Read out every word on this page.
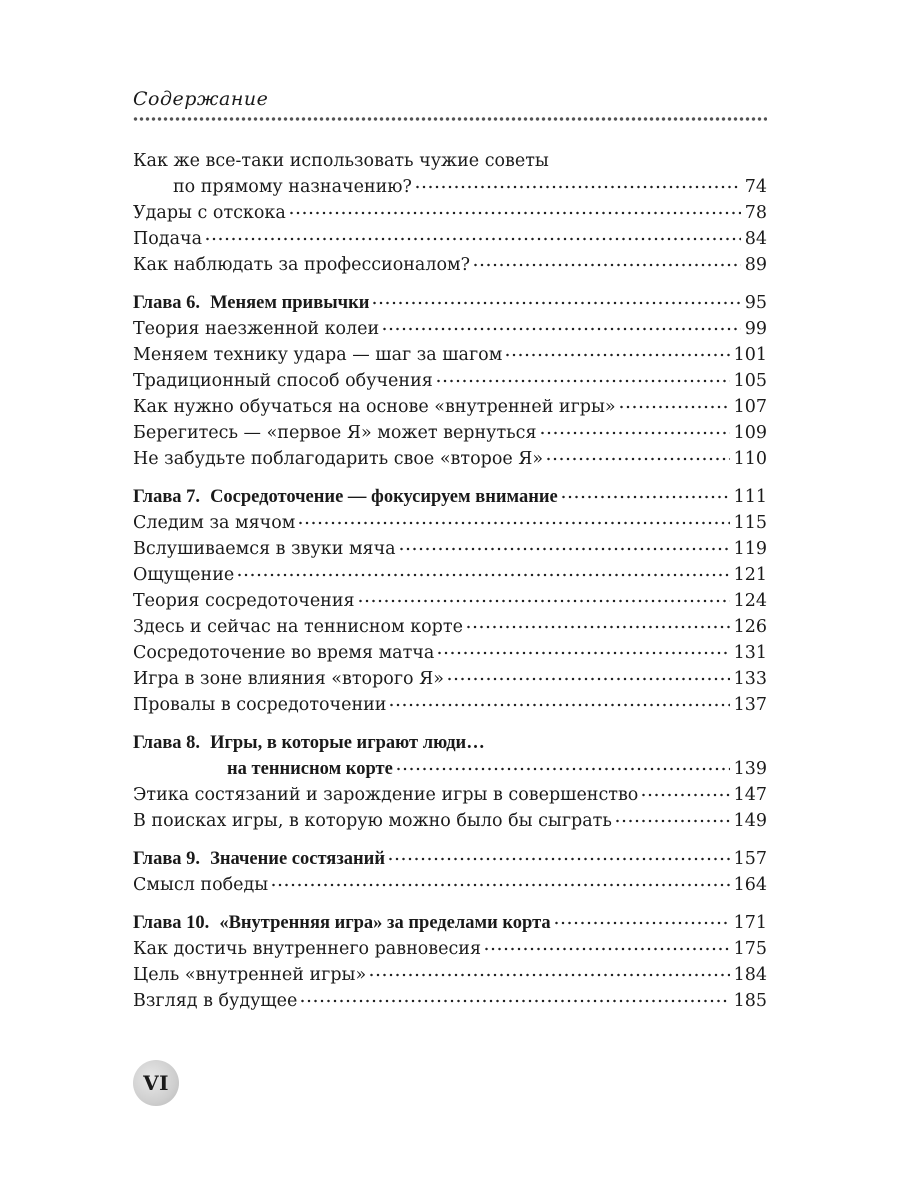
Содержание
Как же все-таки использовать чужие советы
по прямому назначению?	74
Удары с отскока	78
Подача	84
Как наблюдать за профессионалом?	89
Глава 6. Меняем привычки	95
Теория наезженной колеи	99
Меняем технику удара — шаг за шагом	101
Традиционный способ обучения	105
Как нужно обучаться на основе «внутренней игры»	107
Берегитесь — «первое Я» может вернуться	109
Не забудьте поблагодарить свое «второе Я»	110
Глава 7. Сосредоточение — фокусируем внимание	111
Следим за мячом	115
Вслушиваемся в звуки мяча	119
Ощущение	121
Теория сосредоточения	124
Здесь и сейчас на теннисном корте	126
Сосредоточение во время матча	131
Игра в зоне влияния «второго Я»	133
Провалы в сосредоточении	137
Глава 8. Игры, в которые играют люди…
на теннисном корте	139
Этика состязаний и зарождение игры в совершенство	147
В поисках игры, в которую можно было бы сыграть	149
Глава 9. Значение состязаний	157
Смысл победы	164
Глава 10. «Внутренняя игра» за пределами корта	171
Как достичь внутреннего равновесия	175
Цель «внутренней игры»	184
Взгляд в будущее	185
VI
